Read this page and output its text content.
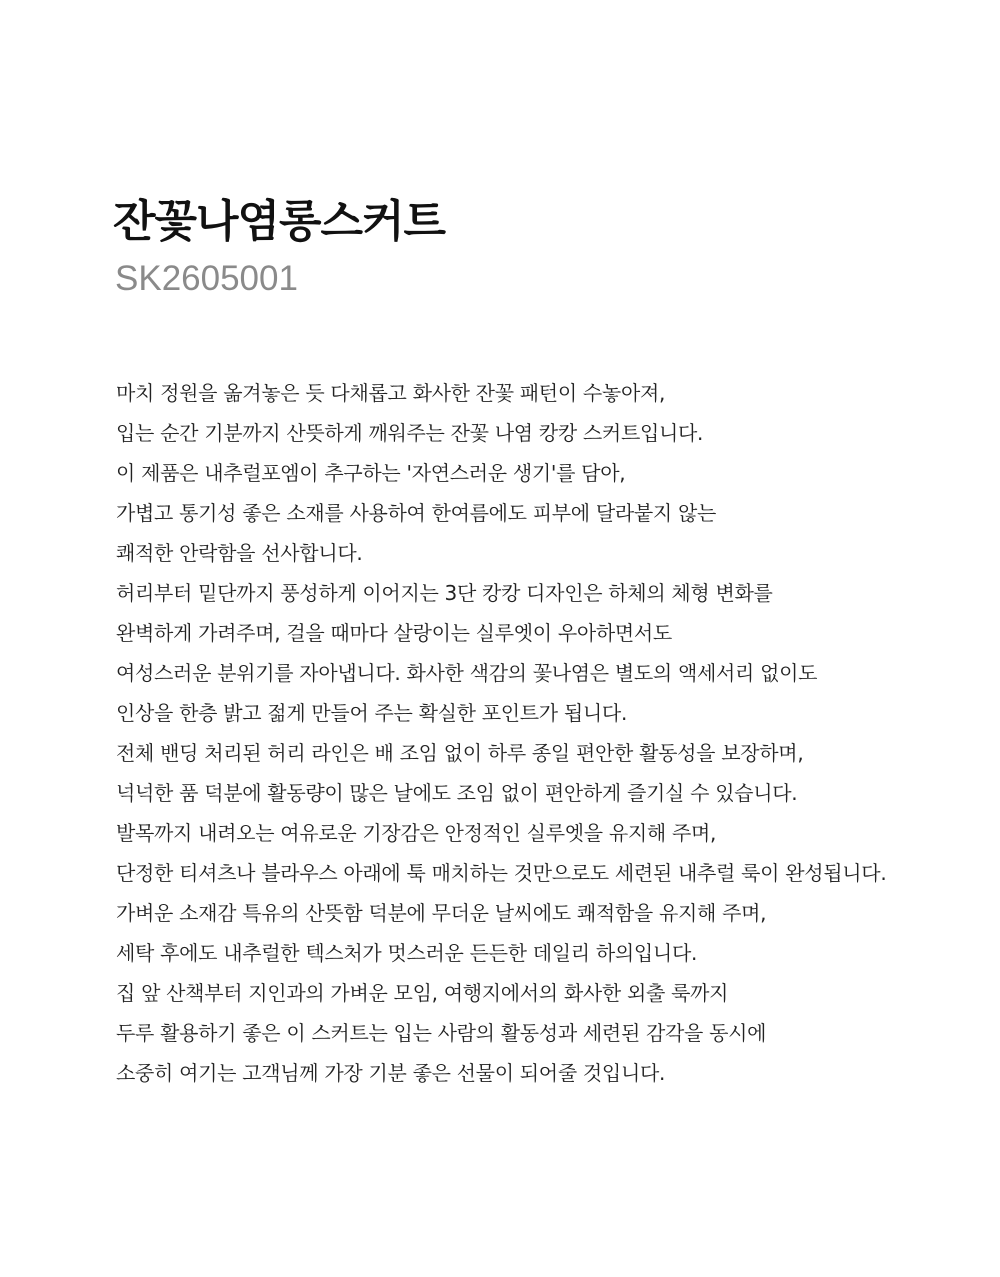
잔꽃나염롱스커트

SK2605001

마치 정원을 옮겨놓은 듯 다채롭고 화사한 잔꽃 패턴이 수놓아져,
입는 순간 기분까지 산뜻하게 깨워주는 잔꽃 나염 캉캉 스커트입니다.
이 제품은 내추럴포엠이 추구하는 '자연스러운 생기'를 담아,
가볍고 통기성 좋은 소재를 사용하여 한여름에도 피부에 달라붙지 않는
쾌적한 안락함을 선사합니다.
허리부터 밑단까지 풍성하게 이어지는 3단 캉캉 디자인은 하체의 체형 변화를
완벽하게 가려주며, 걸을 때마다 살랑이는 실루엣이 우아하면서도
여성스러운 분위기를 자아냅니다. 화사한 색감의 꽃나염은 별도의 액세서리 없이도
인상을 한층 밝고 젊게 만들어 주는 확실한 포인트가 됩니다.
전체 밴딩 처리된 허리 라인은 배 조임 없이 하루 종일 편안한 활동성을 보장하며,
넉넉한 품 덕분에 활동량이 많은 날에도 조임 없이 편안하게 즐기실 수 있습니다.
발목까지 내려오는 여유로운 기장감은 안정적인 실루엣을 유지해 주며,
단정한 티셔츠나 블라우스 아래에 툭 매치하는 것만으로도 세련된 내추럴 룩이 완성됩니다.
가벼운 소재감 특유의 산뜻함 덕분에 무더운 날씨에도 쾌적함을 유지해 주며,
세탁 후에도 내추럴한 텍스처가 멋스러운 든든한 데일리 하의입니다.
집 앞 산책부터 지인과의 가벼운 모임, 여행지에서의 화사한 외출 룩까지
두루 활용하기 좋은 이 스커트는 입는 사람의 활동성과 세련된 감각을 동시에
소중히 여기는 고객님께 가장 기분 좋은 선물이 되어줄 것입니다.
